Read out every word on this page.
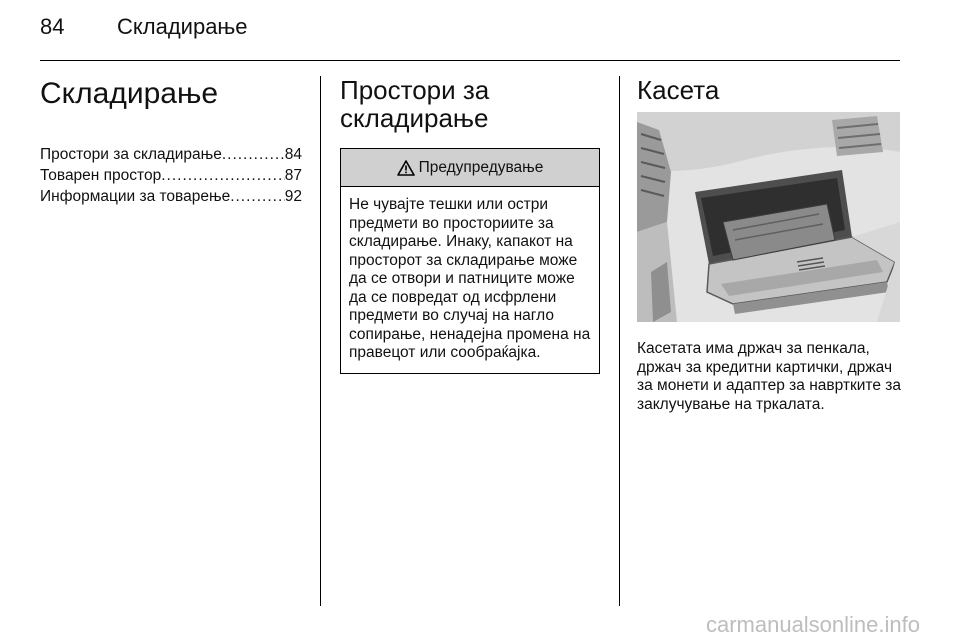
84 Складирање
Складирање
Простори за складирање .....	84
Товарен простор .....	87
Информации за товарење .....	92
Простори за
складирање
Предупредување
Не чувајте тешки или остри предмети во просториите за складирање. Инаку, капакот на просторот за складирање може да се отвори и патниците може да се повредат од исфрлени предмети во случај на нагло сопирање, ненадејна промена на правецот или сообраќајка.
Касета
Касетата има држач за пенкала, држач за кредитни картички, држач за монети и адаптер за навртките за заклучување на тркалата.
carmanualsonline.info
